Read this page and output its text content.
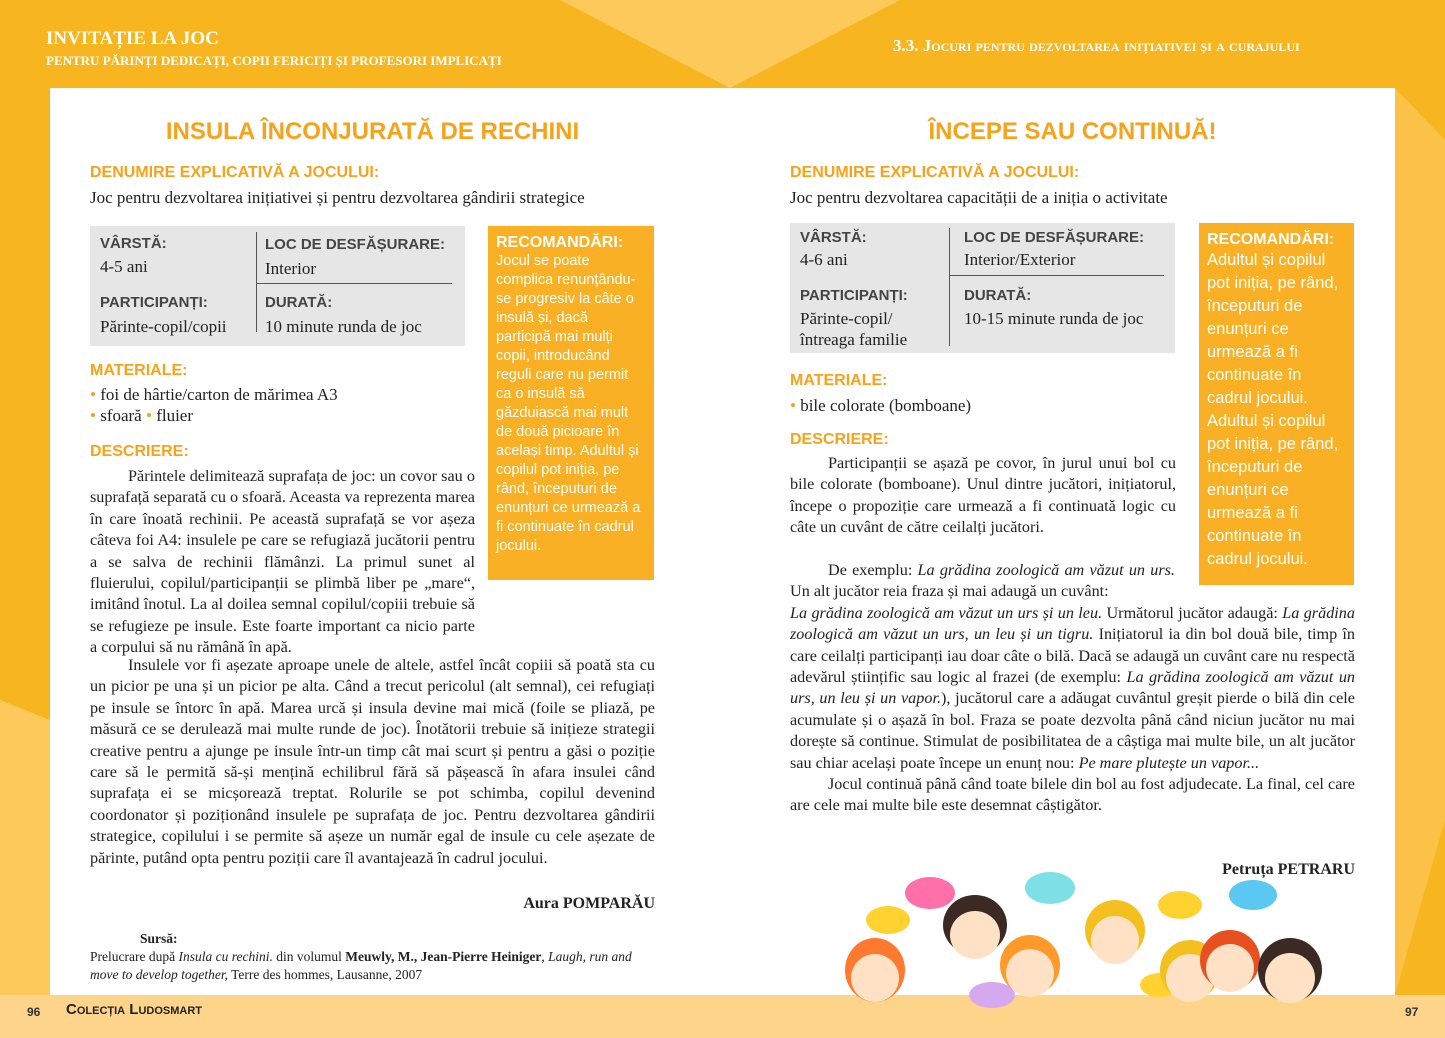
INVITAȚIE LA JOC
PENTRU PĂRINȚI DEDICAȚI, COPII FERICIȚI ȘI PROFESORI IMPLICAȚI
3.3. Jocuri pentru dezvoltarea inițiativei și a curajului
INSULA ÎNCONJURATĂ DE RECHINI
DENUMIRE EXPLICATIVĂ A JOCULUI:
Joc pentru dezvoltarea inițiativei și pentru dezvoltarea gândirii strategice
VÂRSTĂ:
4-5 ani
LOC DE DESFĂȘURARE:
Interior
PARTICIPANȚI:
Părinte-copil/copii
DURATĂ:
10 minute runda de joc
RECOMANDĂRI:
Jocul se poate complica renunțându-se progresiv la câte o insulă și, dacă participă mai mulți copii, introducând reguli care nu permit ca o insulă să găzduiască mai mult de două picioare în același timp. Adultul și copilul pot iniția, pe rând, începuturi de enunțuri ce urmează a fi continuate în cadrul jocului.
MATERIALE:
• foi de hârtie/carton de mărimea A3
• sfoară • fluier
DESCRIERE:

Părintele delimitează suprafața de joc: un covor sau o suprafață separată cu o sfoară. Aceasta va reprezenta marea în care înoată rechinii. Pe această suprafață se vor așeza câteva foi A4: insulele pe care se refugiază jucătorii pentru a se salva de rechinii flămânzi. La primul sunet al fluierului, copilul/participanții se plimbă liber pe „mare“, imitând înotul. La al doilea semnal copilul/copiii trebuie să se refugieze pe insule. Este foarte important ca nicio parte a corpului să nu rămână în apă.

Insulele vor fi așezate aproape unele de altele, astfel încât copiii să poată sta cu un picior pe una și un picior pe alta. Când a trecut pericolul (alt semnal), cei refugiați pe insule se întorc în apă. Marea urcă și insula devine mai mică (foile se pliază, pe măsură ce se derulează mai multe runde de joc). Înotătorii trebuie să inițieze strategii creative pentru a ajunge pe insule într-un timp cât mai scurt și pentru a găsi o poziție care să le permită să-și mențină echilibrul fără să pășească în afara insulei când suprafața ei se micșorează treptat. Rolurile se pot schimba, copilul devenind coordonator și poziționând insulele pe suprafața de joc. Pentru dezvoltarea gândirii strategice, copilului i se permite să așeze un număr egal de insule cu cele așezate de părinte, putând opta pentru poziții care îl avantajează în cadrul jocului.

Aura POMPARĂU
Sursă:
Prelucrare după Insula cu rechini. din volumul Meuwly, M., Jean-Pierre Heiniger, Laugh, run and move to develop together, Terre des hommes, Lausanne, 2007
ÎNCEPE SAU CONTINUĂ!
DENUMIRE EXPLICATIVĂ A JOCULUI:
Joc pentru dezvoltarea capacității de a iniția o activitate
VÂRSTĂ:
4-6 ani
LOC DE DESFĂȘURARE:
Interior/Exterior
PARTICIPANȚI:
Părinte-copil/ întreaga familie
DURATĂ:
10-15 minute runda de joc
RECOMANDĂRI:
Adultul și copilul pot iniția, pe rând, începuturi de enunțuri ce urmează a fi continuate în cadrul jocului. Adultul și copilul pot iniția, pe rând, începuturi de enunțuri ce urmează a fi continuate în cadrul jocului.
MATERIALE:
• bile colorate (bomboane)
DESCRIERE:

Participanții se așază pe covor, în jurul unui bol cu bile colorate (bomboane). Unul dintre jucători, inițiatorul, începe o propoziție care urmează a fi continuată logic cu câte un cuvânt de către ceilalți jucători.

De exemplu: La grădina zoologică am văzut un urs. Un alt jucător reia fraza și mai adaugă un cuvânt:

La grădina zoologică am văzut un urs și un leu. Următorul jucător adaugă: La grădina zoologică am văzut un urs, un leu și un tigru. Inițiatorul ia din bol două bile, timp în care ceilalți participanți iau doar câte o bilă. Dacă se adaugă un cuvânt care nu respectă adevărul științific sau logic al frazei (de exemplu: La grădina zoologică am văzut un urs, un leu și un vapor.), jucătorul care a adăugat cuvântul greșit pierde o bilă din cele acumulate și o așază în bol. Fraza se poate dezvolta până când niciun jucător nu mai dorește să continue. Stimulat de posibilitatea de a câștiga mai multe bile, un alt jucător sau chiar același poate începe un enunț nou: Pe mare plutește un vapor...

Jocul continuă până când toate bilele din bol au fost adjudecate. La final, cel care are cele mai multe bile este desemnat câștigător.

Petruța PETRARU
96 Colecția Ludosmart	97
